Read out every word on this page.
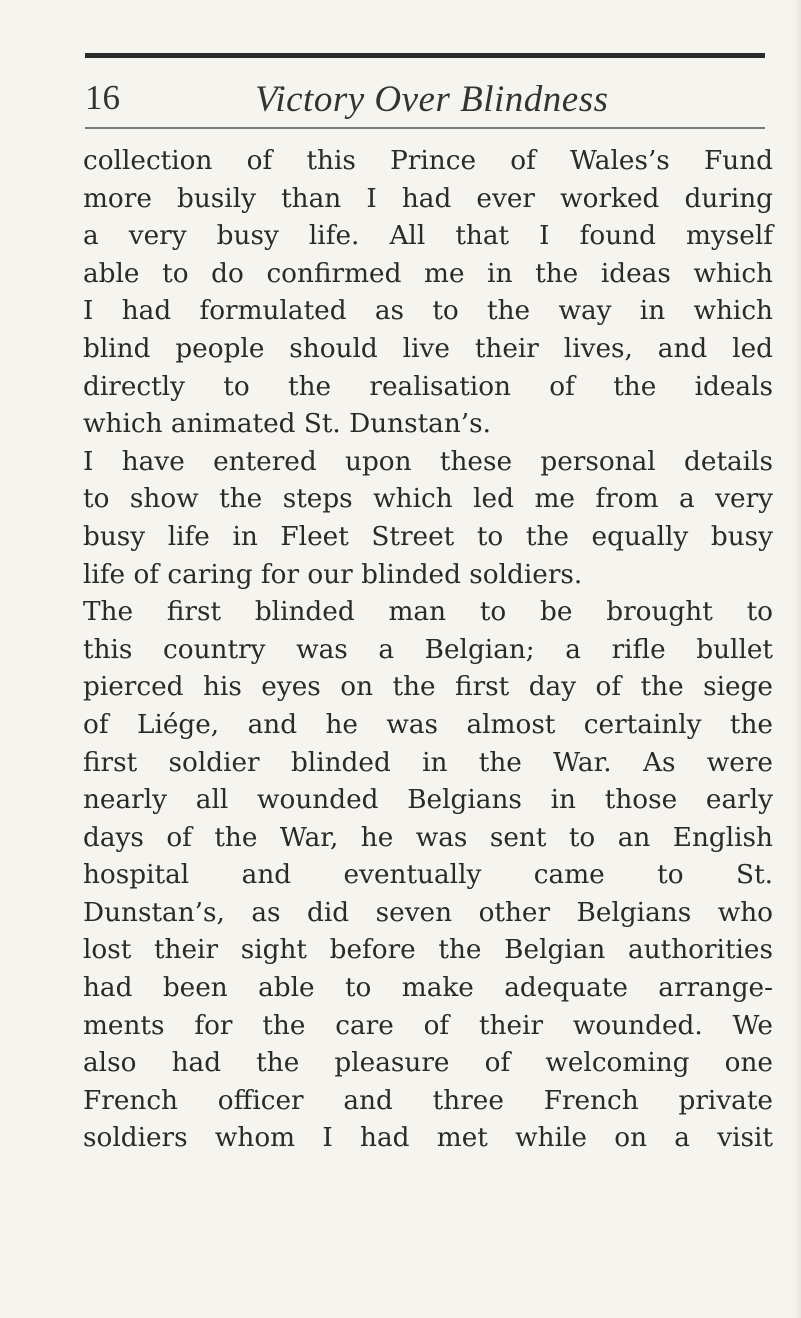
16	Victory Over Blindness
collection of this Prince of Wales’s Fund
more busily than I had ever worked during
a very busy life. All that I found myself
able to do confirmed me in the ideas which
I had formulated as to the way in which
blind people should live their lives, and led
directly to the realisation of the ideals
which animated St. Dunstan’s.
I have entered upon these personal details
to show the steps which led me from a very
busy life in Fleet Street to the equally busy
life of caring for our blinded soldiers.
The first blinded man to be brought to
this country was a Belgian; a rifle bullet
pierced his eyes on the first day of the siege
of Liége, and he was almost certainly the
first soldier blinded in the War. As were
nearly all wounded Belgians in those early
days of the War, he was sent to an English
hospital and eventually came to St.
Dunstan’s, as did seven other Belgians who
lost their sight before the Belgian authorities
had been able to make adequate arrange-
ments for the care of their wounded. We
also had the pleasure of welcoming one
French officer and three French private
soldiers whom I had met while on a visit
